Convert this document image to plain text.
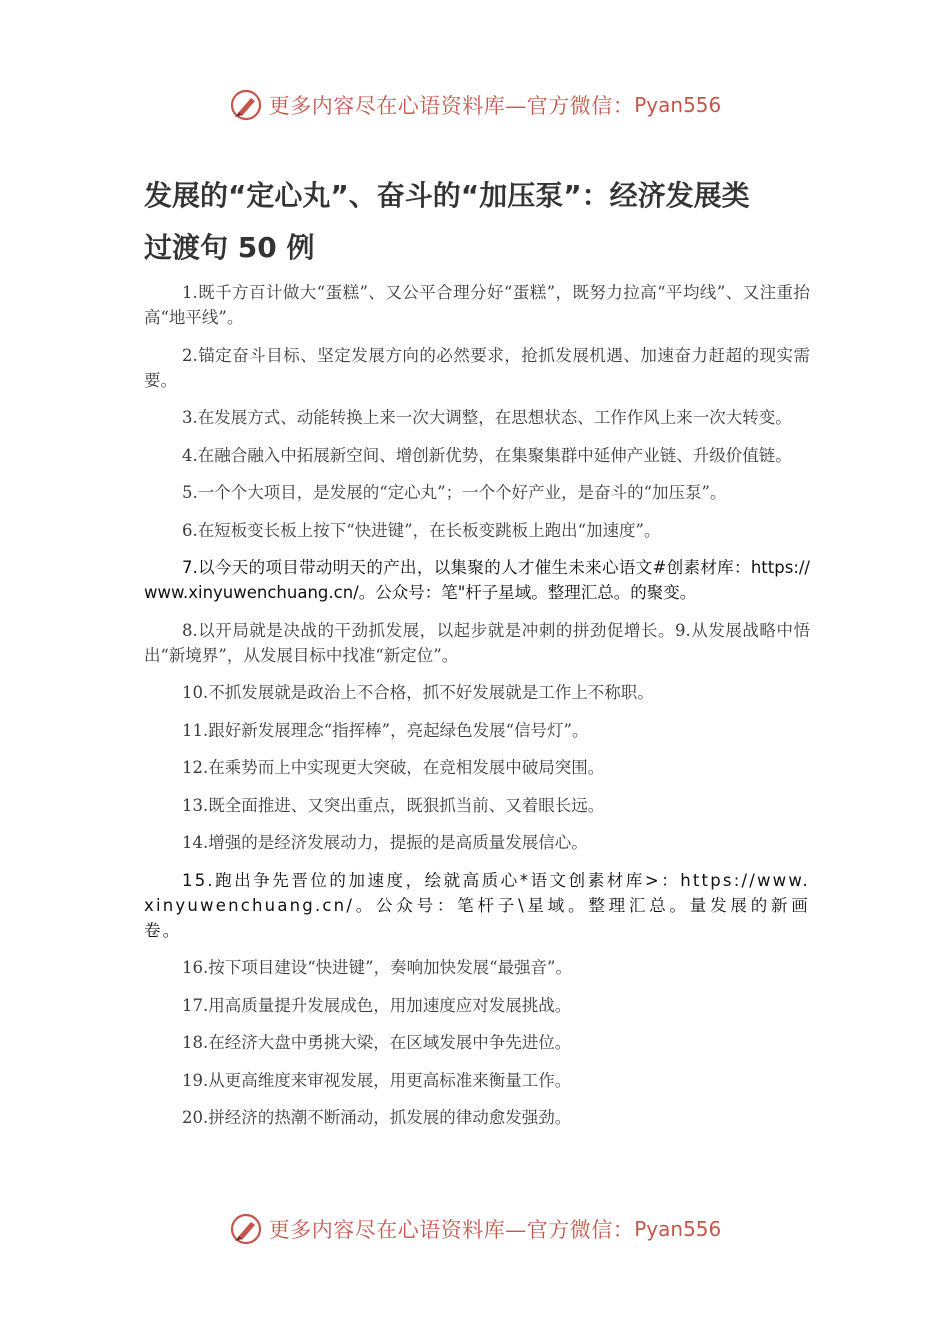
更多内容尽在心语资料库—官方微信： Pyan556
发展的“定心丸”、奋斗的“加压泵”：经济发展类
过渡句 50 例

1.既千方百计做大“蛋糕”、又公平合理分好“蛋糕”，既努力拉高“平均线”、又注重抬高“地平线”。

2.锚定奋斗目标、坚定发展方向的必然要求，抢抓发展机遇、加速奋力赶超的现实需要。

3.在发展方式、动能转换上来一次大调整，在思想状态、工作作风上来一次大转变。

4.在融合融入中拓展新空间、增创新优势，在集聚集群中延伸产业链、升级价值链。

5.一个个大项目，是发展的“定心丸”；一个个好产业，是奋斗的“加压泵”。

6.在短板变长板上按下“快进键”，在长板变跳板上跑出“加速度”。

7.以今天的项目带动明天的产出，以集聚的人才催生未来心语文#创素材库：https://www.xinyuwenchuang.cn/。公众号：笔"杆子星域。整理汇总。的聚变。

8.以开局就是决战的干劲抓发展，以起步就是冲刺的拼劲促增长。9.从发展战略中悟出“新境界”，从发展目标中找准“新定位”。

10.不抓发展就是政治上不合格，抓不好发展就是工作上不称职。

11.跟好新发展理念“指挥棒”，亮起绿色发展“信号灯”。

12.在乘势而上中实现更大突破，在竞相发展中破局突围。

13.既全面推进、又突出重点，既狠抓当前、又着眼长远。

14.增强的是经济发展动力，提振的是高质量发展信心。

15.跑出争先晋位的加速度，绘就高质心*语文创素材库>：https://www.xinyuwenchuang.cn/。公众号：笔杆子\星域。整理汇总。量发展的新画卷。

16.按下项目建设“快进键”，奏响加快发展“最强音”。

17.用高质量提升发展成色，用加速度应对发展挑战。

18.在经济大盘中勇挑大梁，在区域发展中争先进位。

19.从更高维度来审视发展，用更高标准来衡量工作。

20.拼经济的热潮不断涌动，抓发展的律动愈发强劲。

更多内容尽在心语资料库—官方微信： Pyan556
